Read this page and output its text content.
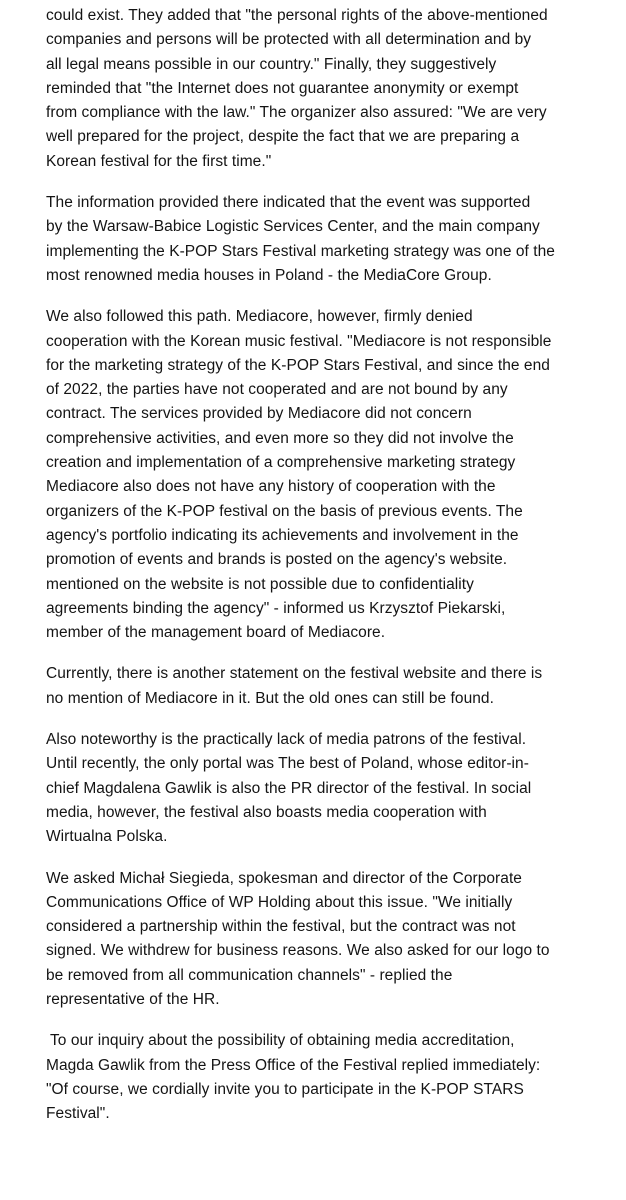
could exist. They added that "the personal rights of the above-mentioned
companies and persons will be protected with all determination and by
all legal means possible in our country." Finally, they suggestively
reminded that "the Internet does not guarantee anonymity or exempt
from compliance with the law." The organizer also assured: "We are very
well prepared for the project, despite the fact that we are preparing a
Korean festival for the first time."
The information provided there indicated that the event was supported
by the Warsaw-Babice Logistic Services Center, and the main company
implementing the K-POP Stars Festival marketing strategy was one of the
most renowned media houses in Poland - the MediaCore Group.
We also followed this path. Mediacore, however, firmly denied
cooperation with the Korean music festival. "Mediacore is not responsible
for the marketing strategy of the K-POP Stars Festival, and since the end
of 2022, the parties have not cooperated and are not bound by any
contract. The services provided by Mediacore did not concern
comprehensive activities, and even more so they did not involve the
creation and implementation of a comprehensive marketing strategy
Mediacore also does not have any history of cooperation with the
organizers of the K-POP festival on the basis of previous events. The
agency's portfolio indicating its achievements and involvement in the
promotion of events and brands is posted on the agency's website.
mentioned on the website is not possible due to confidentiality
agreements binding the agency" - informed us Krzysztof Piekarski,
member of the management board of Mediacore.
Currently, there is another statement on the festival website and there is
no mention of Mediacore in it. But the old ones can still be found.
Also noteworthy is the practically lack of media patrons of the festival.
Until recently, the only portal was The best of Poland, whose editor-in-
chief Magdalena Gawlik is also the PR director of the festival. In social
media, however, the festival also boasts media cooperation with
Wirtualna Polska.
We asked Michał Siegieda, spokesman and director of the Corporate
Communications Office of WP Holding about this issue. "We initially
considered a partnership within the festival, but the contract was not
signed. We withdrew for business reasons. We also asked for our logo to
be removed from all communication channels" - replied the
representative of the HR.
To our inquiry about the possibility of obtaining media accreditation,
Magda Gawlik from the Press Office of the Festival replied immediately:
"Of course, we cordially invite you to participate in the K-POP STARS
Festival".
